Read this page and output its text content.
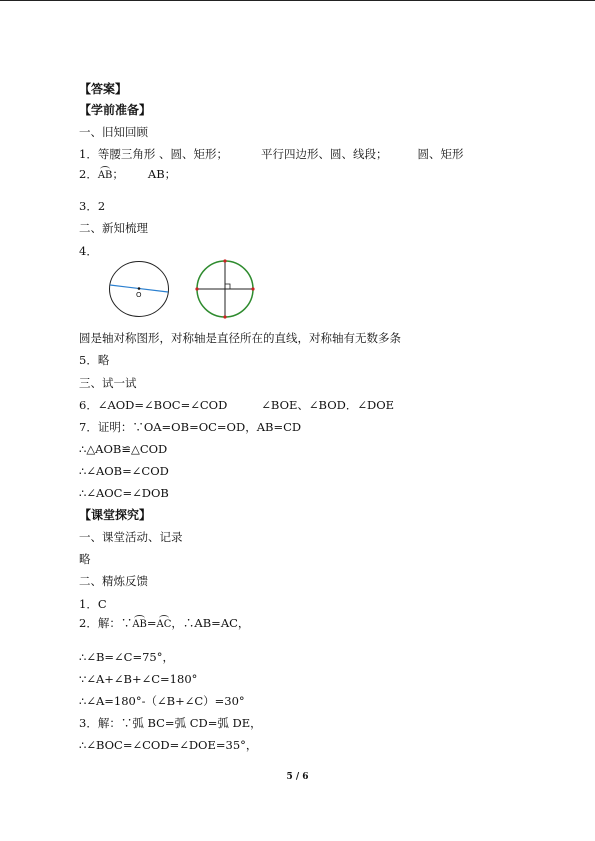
【答案】
【学前准备】
一、旧知回顾
1．等腰三角形 、圆、矩形；	平行四边形、圆、线段；	圆、矩形
2．AB； AB；
3．2
二、新知梳理
4．
O
圆是轴对称图形，对称轴是直径所在的直线，对称轴有无数多条
5．略
三、试一试
6．∠AOD=∠BOC=∠COD	∠BOE、∠BOD．∠DOE
7．证明：∵OA=OB=OC=OD，AB=CD
∴△AOB≌△COD
∴∠AOB=∠COD
∴∠AOC=∠DOB
【课堂探究】
一、课堂活动、记录
略
二、精炼反馈
1．C
2．解：∵AB=AC，∴AB=AC，
∴∠B=∠C=75°，
∵∠A+∠B+∠C=180°
∴∠A=180°-（∠B+∠C）=30°
3．解：∵弧 BC=弧 CD=弧 DE，
∴∠BOC=∠COD=∠DOE=35°，
5 / 6
